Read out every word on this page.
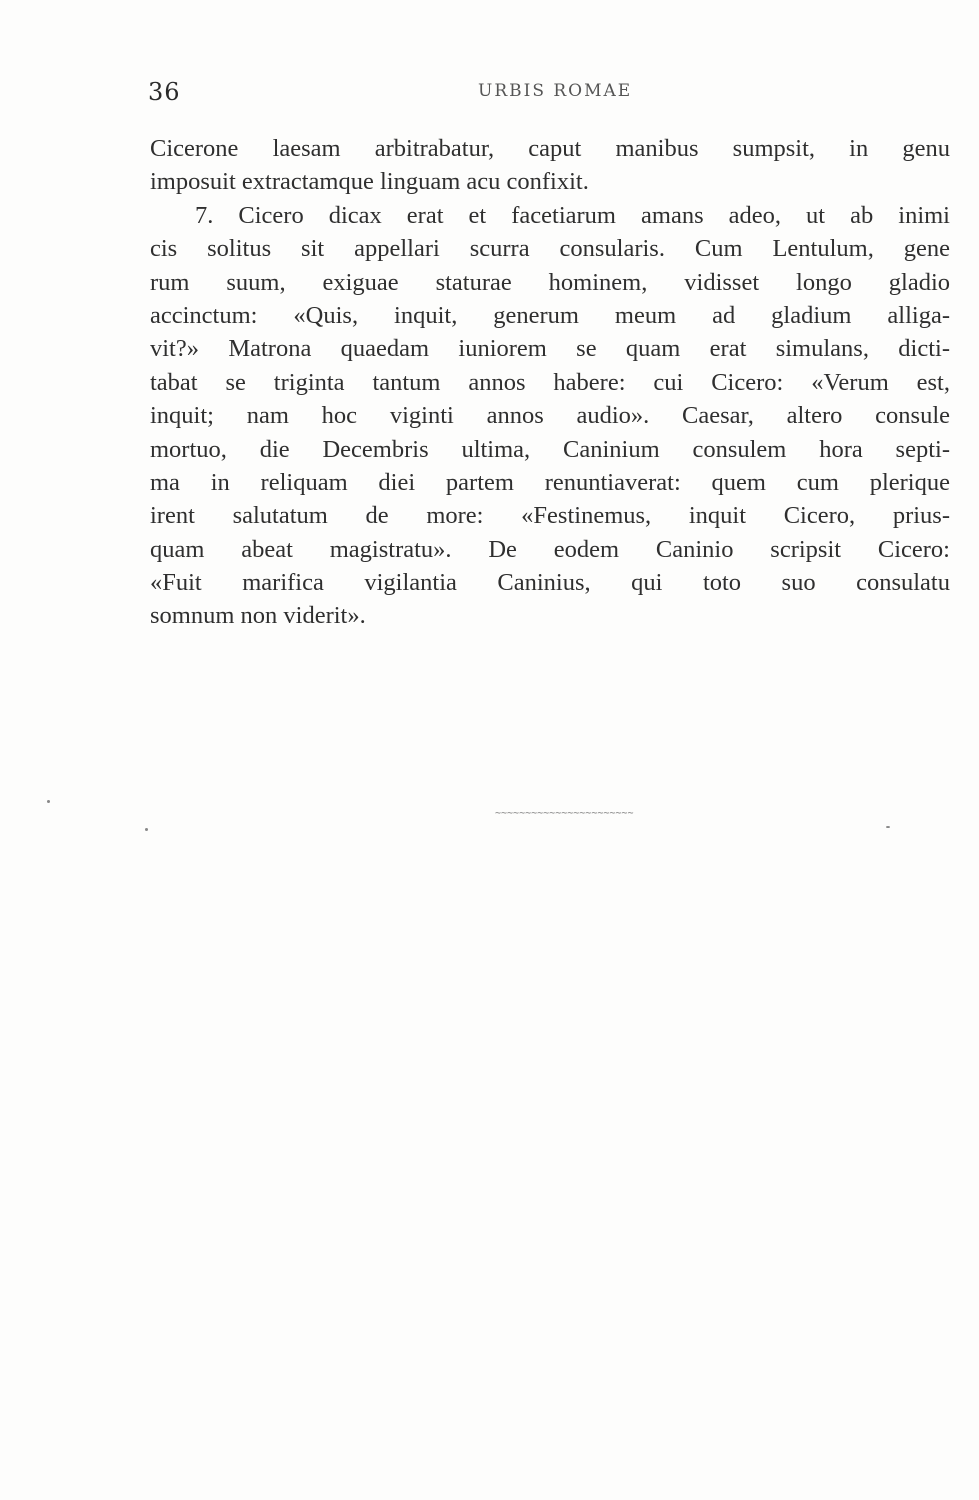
36	URBIS ROMAE
Cicerone laesam arbitrabatur, caput manibus sumpsit, in genu
imposuit extractamque linguam acu confixit.
7. Cicero dicax erat et facetiarum amans adeo, ut ab inimi
cis solitus sit appellari scurra consularis. Cum Lentulum, gene
rum suum, exiguae staturae hominem, vidisset longo gladio
accinctum: «Quis, inquit, generum meum ad gladium alliga-
vit?» Matrona quaedam iuniorem se quam erat simulans, dicti-
tabat se triginta tantum annos habere: cui Cicero: «Verum est,
inquit; nam hoc viginti annos audio». Caesar, altero consule
mortuo, die Decembris ultima, Caninium consulem hora septi-
ma in reliquam diei partem renuntiaverat: quem cum plerique
irent salutatum de more: «Festinemus, inquit Cicero, prius-
quam abeat magistratu». De eodem Caninio scripsit Cicero:
«Fuit marifica vigilantia Caninius, qui toto suo consulatu
somnum non viderit».
~~~~~~~~~~~~~~~~~~~~~~~
